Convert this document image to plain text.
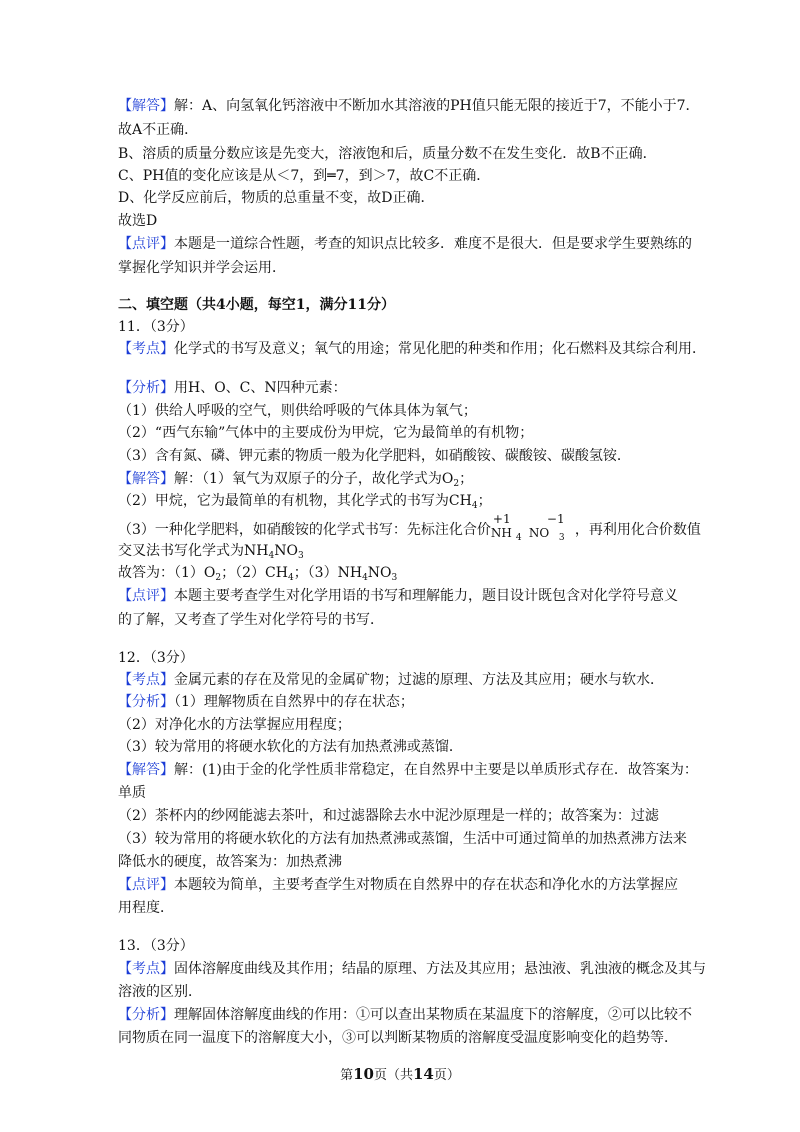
【解答】解：A、向氢氧化钙溶液中不断加水其溶液的PH值只能无限的接近于7，不能小于7．
故A不正确．
B、溶质的质量分数应该是先变大，溶液饱和后，质量分数不在发生变化．故B不正确．
C、PH值的变化应该是从＜7，到═7，到＞7，故C不正确．
D、化学反应前后，物质的总重量不变，故D正确．
故选D
【点评】本题是一道综合性题，考查的知识点比较多．难度不是很大．但是要求学生要熟练的
掌握化学知识并学会运用．
二、填空题（共4小题，每空1，满分11分）
11．（3分）
【考点】化学式的书写及意义；氧气的用途；常见化肥的种类和作用；化石燃料及其综合利用．
【分析】用H、O、C、N四种元素：
（1）供给人呼吸的空气，则供给呼吸的气体具体为氧气；
（2）“西气东输”气体中的主要成份为甲烷，它为最简单的有机物；
（3）含有氮、磷、钾元素的物质一般为化学肥料，如硝酸铵、碳酸铵、碳酸氢铵．
【解答】解：（1）氧气为双原子的分子，故化学式为$O_2$；
（2）甲烷，它为最简单的有机物，其化学式的书写为$CH_4$；
（3）一种化学肥料，如硝酸铵的化学式书写：先标注化合价
+1
NH 4
−1
NO 3 ，再利用化合价数值
交叉法书写化学式为$NH_4NO_3$
故答为：$(1)O_2$；$(2)CH_4$；$(3)NH_4NO_3$
【点评】本题主要考查学生对化学用语的书写和理解能力，题目设计既包含对化学符号意义
的了解，又考查了学生对化学符号的书写．
12．（3分）
【考点】金属元素的存在及常见的金属矿物；过滤的原理、方法及其应用；硬水与软水．
【分析】（1）理解物质在自然界中的存在状态；
（2）对净化水的方法掌握应用程度；
（3）较为常用的将硬水软化的方法有加热煮沸或蒸馏．
【解答】解：(1)由于金的化学性质非常稳定，在自然界中主要是以单质形式存在．故答案为：
单质
（2）茶杯内的纱网能滤去茶叶，和过滤器除去水中泥沙原理是一样的；故答案为：过滤
（3）较为常用的将硬水软化的方法有加热煮沸或蒸馏，生活中可通过简单的加热煮沸方法来
降低水的硬度，故答案为：加热煮沸
【点评】本题较为简单，主要考查学生对物质在自然界中的存在状态和净化水的方法掌握应
用程度．
13．（3分）
【考点】固体溶解度曲线及其作用；结晶的原理、方法及其应用；悬浊液、乳浊液的概念及其与
溶液的区别．
【分析】理解固体溶解度曲线的作用：①可以查出某物质在某温度下的溶解度，②可以比较不
同物质在同一温度下的溶解度大小，③可以判断某物质的溶解度受温度影响变化的趋势等．
第10页（共14页）
